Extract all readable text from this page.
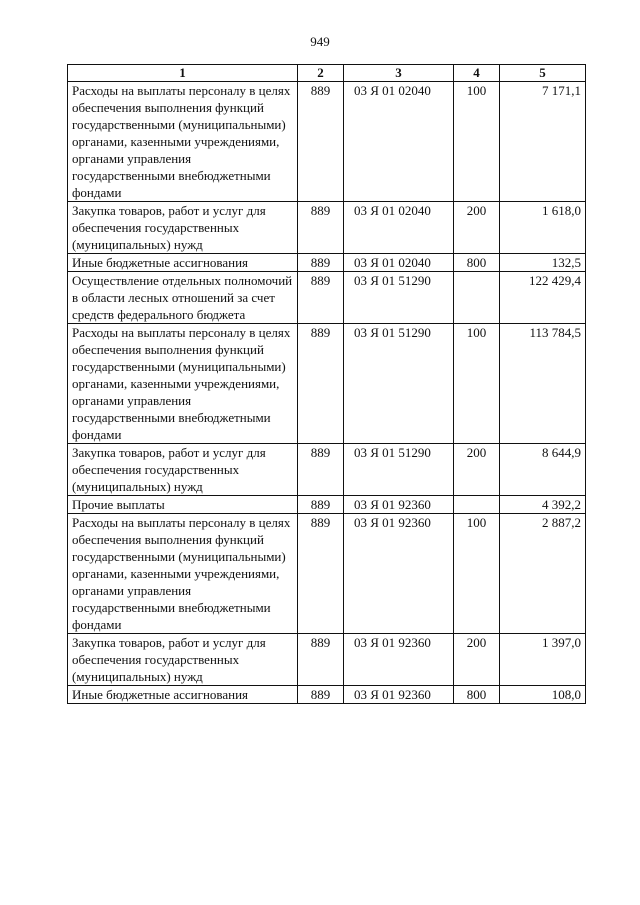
949
1	2	3	4	5
Расходы на выплаты персоналу в целях обеспечения выполнения функций государственными (муниципальными) органами, казенными учреждениями, органами управления государственными внебюджетными фондами	889	03 Я 01 02040	100	7 171,1
Закупка товаров, работ и услуг для обеспечения государственных (муниципальных) нужд	889	03 Я 01 02040	200	1 618,0
Иные бюджетные ассигнования	889	03 Я 01 02040	800	132,5
Осуществление отдельных полномочий в области лесных отношений за счет средств федерального бюджета	889	03 Я 01 51290		122 429,4
Расходы на выплаты персоналу в целях обеспечения выполнения функций государственными (муниципальными) органами, казенными учреждениями, органами управления государственными внебюджетными фондами	889	03 Я 01 51290	100	113 784,5
Закупка товаров, работ и услуг для обеспечения государственных (муниципальных) нужд	889	03 Я 01 51290	200	8 644,9
Прочие выплаты	889	03 Я 01 92360		4 392,2
Расходы на выплаты персоналу в целях обеспечения выполнения функций государственными (муниципальными) органами, казенными учреждениями, органами управления государственными внебюджетными фондами	889	03 Я 01 92360	100	2 887,2
Закупка товаров, работ и услуг для обеспечения государственных (муниципальных) нужд	889	03 Я 01 92360	200	1 397,0
Иные бюджетные ассигнования	889	03 Я 01 92360	800	108,0
